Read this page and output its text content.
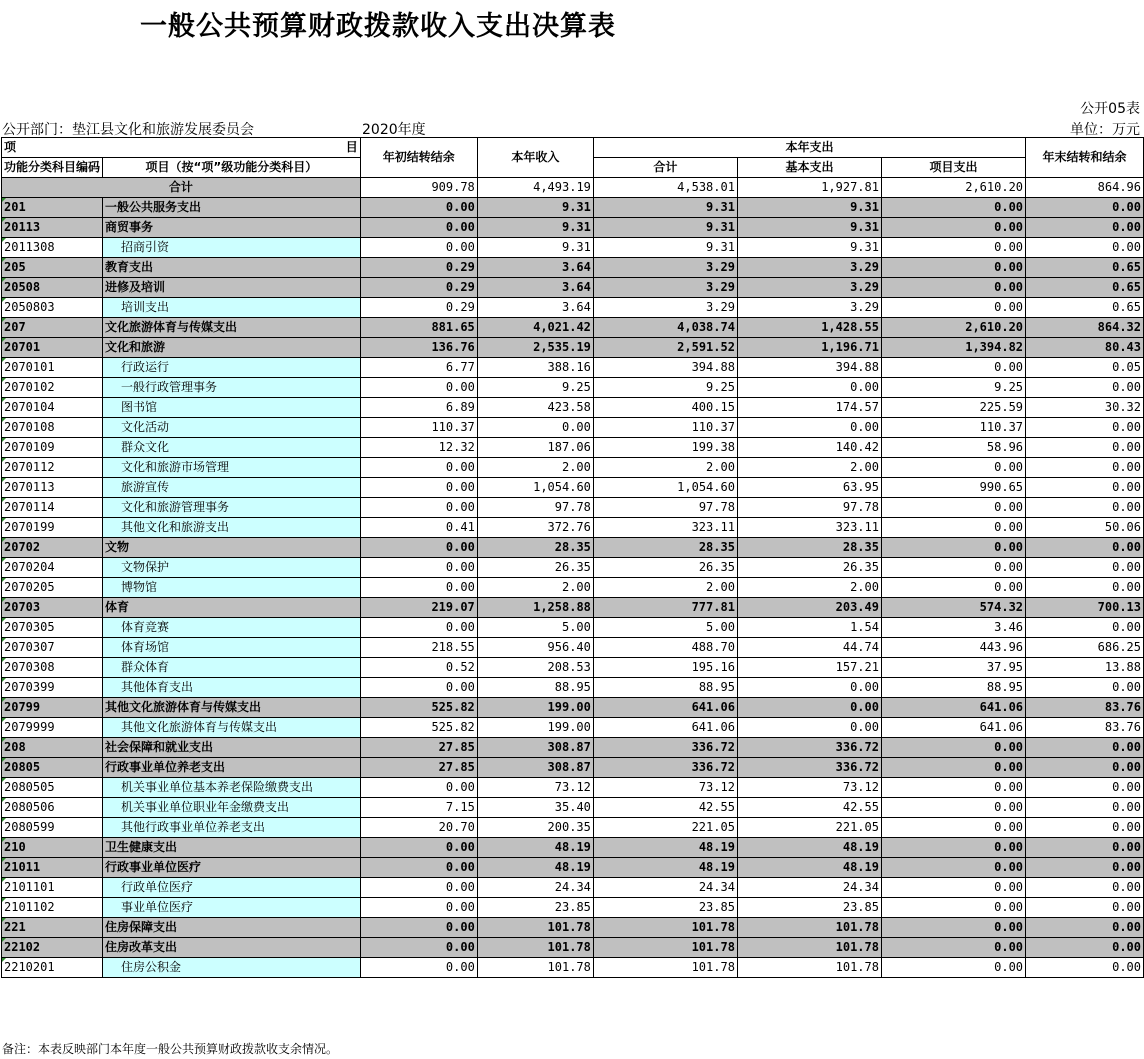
一般公共预算财政拨款收入支出决算表
公开05表
公开部门：垫江县文化和旅游发展委员会	2020年度	单位：万元
项 目		年初结转结余	本年收入	本年支出			年末结转和结余
功能分类科目编码	项目（按“项”级功能分类科目）			合计	基本支出	项目支出	
合计		909.78	4,493.19	4,538.01	1,927.81	2,610.20	864.96
201	一般公共服务支出	0.00	9.31	9.31	9.31	0.00	0.00
20113	商贸事务	0.00	9.31	9.31	9.31	0.00	0.00
2011308	招商引资	0.00	9.31	9.31	9.31	0.00	0.00
205	教育支出	0.29	3.64	3.29	3.29	0.00	0.65
20508	进修及培训	0.29	3.64	3.29	3.29	0.00	0.65
2050803	培训支出	0.29	3.64	3.29	3.29	0.00	0.65
207	文化旅游体育与传媒支出	881.65	4,021.42	4,038.74	1,428.55	2,610.20	864.32
20701	文化和旅游	136.76	2,535.19	2,591.52	1,196.71	1,394.82	80.43
2070101	行政运行	6.77	388.16	394.88	394.88	0.00	0.05
2070102	一般行政管理事务	0.00	9.25	9.25	0.00	9.25	0.00
2070104	图书馆	6.89	423.58	400.15	174.57	225.59	30.32
2070108	文化活动	110.37	0.00	110.37	0.00	110.37	0.00
2070109	群众文化	12.32	187.06	199.38	140.42	58.96	0.00
2070112	文化和旅游市场管理	0.00	2.00	2.00	2.00	0.00	0.00
2070113	旅游宣传	0.00	1,054.60	1,054.60	63.95	990.65	0.00
2070114	文化和旅游管理事务	0.00	97.78	97.78	97.78	0.00	0.00
2070199	其他文化和旅游支出	0.41	372.76	323.11	323.11	0.00	50.06
20702	文物	0.00	28.35	28.35	28.35	0.00	0.00
2070204	文物保护	0.00	26.35	26.35	26.35	0.00	0.00
2070205	博物馆	0.00	2.00	2.00	2.00	0.00	0.00
20703	体育	219.07	1,258.88	777.81	203.49	574.32	700.13
2070305	体育竞赛	0.00	5.00	5.00	1.54	3.46	0.00
2070307	体育场馆	218.55	956.40	488.70	44.74	443.96	686.25
2070308	群众体育	0.52	208.53	195.16	157.21	37.95	13.88
2070399	其他体育支出	0.00	88.95	88.95	0.00	88.95	0.00
20799	其他文化旅游体育与传媒支出	525.82	199.00	641.06	0.00	641.06	83.76
2079999	其他文化旅游体育与传媒支出	525.82	199.00	641.06	0.00	641.06	83.76
208	社会保障和就业支出	27.85	308.87	336.72	336.72	0.00	0.00
20805	行政事业单位养老支出	27.85	308.87	336.72	336.72	0.00	0.00
2080505	机关事业单位基本养老保险缴费支出	0.00	73.12	73.12	73.12	0.00	0.00
2080506	机关事业单位职业年金缴费支出	7.15	35.40	42.55	42.55	0.00	0.00
2080599	其他行政事业单位养老支出	20.70	200.35	221.05	221.05	0.00	0.00
210	卫生健康支出	0.00	48.19	48.19	48.19	0.00	0.00
21011	行政事业单位医疗	0.00	48.19	48.19	48.19	0.00	0.00
2101101	行政单位医疗	0.00	24.34	24.34	24.34	0.00	0.00
2101102	事业单位医疗	0.00	23.85	23.85	23.85	0.00	0.00
221	住房保障支出	0.00	101.78	101.78	101.78	0.00	0.00
22102	住房改革支出	0.00	101.78	101.78	101.78	0.00	0.00
2210201	住房公积金	0.00	101.78	101.78	101.78	0.00	0.00
备注：本表反映部门本年度一般公共预算财政拨款收支余情况。
